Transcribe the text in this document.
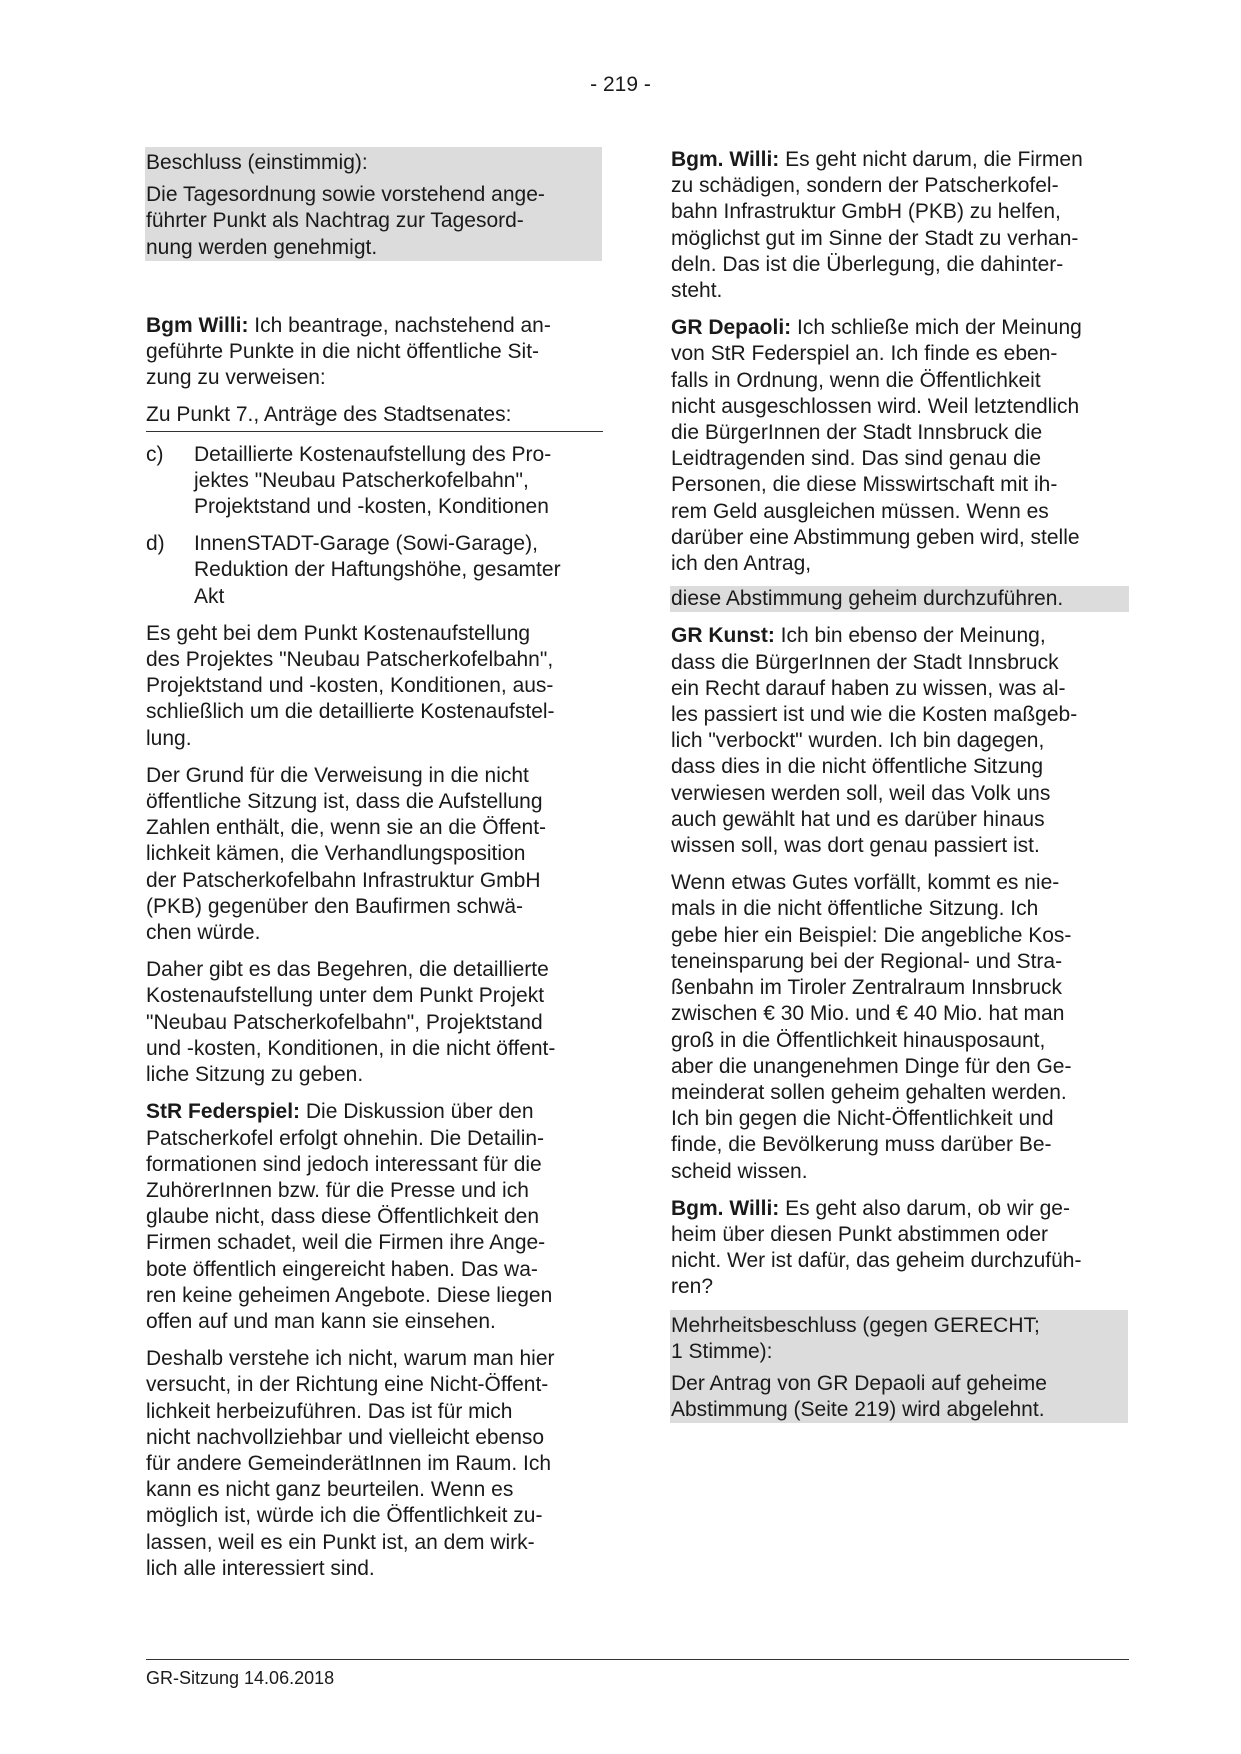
- 219 -

Beschluss (einstimmig):

Die Tagesordnung sowie vorstehend ange-
führter Punkt als Nachtrag zur Tagesord-
nung werden genehmigt.

Bgm Willi: Ich beantrage, nachstehend an-
geführte Punkte in die nicht öffentliche Sit-
zung zu verweisen:

Zu Punkt 7., Anträge des Stadtsenates:

c)	Detaillierte Kostenaufstellung des Pro-
jektes "Neubau Patscherkofelbahn",
Projektstand und -kosten, Konditionen
d)	InnenSTADT-Garage (Sowi-Garage),
Reduktion der Haftungshöhe, gesamter
Akt

Es geht bei dem Punkt Kostenaufstellung
des Projektes "Neubau Patscherkofelbahn",
Projektstand und -kosten, Konditionen, aus-
schließlich um die detaillierte Kostenaufstel-
lung.

Der Grund für die Verweisung in die nicht
öffentliche Sitzung ist, dass die Aufstellung
Zahlen enthält, die, wenn sie an die Öffent-
lichkeit kämen, die Verhandlungsposition
der Patscherkofelbahn Infrastruktur GmbH
(PKB) gegenüber den Baufirmen schwä-
chen würde.

Daher gibt es das Begehren, die detaillierte
Kostenaufstellung unter dem Punkt Projekt
"Neubau Patscherkofelbahn", Projektstand
und -kosten, Konditionen, in die nicht öffent-
liche Sitzung zu geben.

StR Federspiel: Die Diskussion über den
Patscherkofel erfolgt ohnehin. Die Detailin-
formationen sind jedoch interessant für die
ZuhörerInnen bzw. für die Presse und ich
glaube nicht, dass diese Öffentlichkeit den
Firmen schadet, weil die Firmen ihre Ange-
bote öffentlich eingereicht haben. Das wa-
ren keine geheimen Angebote. Diese liegen
offen auf und man kann sie einsehen.

Deshalb verstehe ich nicht, warum man hier
versucht, in der Richtung eine Nicht-Öffent-
lichkeit herbeizuführen. Das ist für mich
nicht nachvollziehbar und vielleicht ebenso
für andere GemeinderätInnen im Raum. Ich
kann es nicht ganz beurteilen. Wenn es
möglich ist, würde ich die Öffentlichkeit zu-
lassen, weil es ein Punkt ist, an dem wirk-
lich alle interessiert sind.

Bgm. Willi: Es geht nicht darum, die Firmen
zu schädigen, sondern der Patscherkofel-
bahn Infrastruktur GmbH (PKB) zu helfen,
möglichst gut im Sinne der Stadt zu verhan-
deln. Das ist die Überlegung, die dahinter-
steht.

GR Depaoli: Ich schließe mich der Meinung
von StR Federspiel an. Ich finde es eben-
falls in Ordnung, wenn die Öffentlichkeit
nicht ausgeschlossen wird. Weil letztendlich
die BürgerInnen der Stadt Innsbruck die
Leidtragenden sind. Das sind genau die
Personen, die diese Misswirtschaft mit ih-
rem Geld ausgleichen müssen. Wenn es
darüber eine Abstimmung geben wird, stelle
ich den Antrag,

diese Abstimmung geheim durchzuführen.

GR Kunst: Ich bin ebenso der Meinung,
dass die BürgerInnen der Stadt Innsbruck
ein Recht darauf haben zu wissen, was al-
les passiert ist und wie die Kosten maßgeb-
lich "verbockt" wurden. Ich bin dagegen,
dass dies in die nicht öffentliche Sitzung
verwiesen werden soll, weil das Volk uns
auch gewählt hat und es darüber hinaus
wissen soll, was dort genau passiert ist.

Wenn etwas Gutes vorfällt, kommt es nie-
mals in die nicht öffentliche Sitzung. Ich
gebe hier ein Beispiel: Die angebliche Kos-
teneinsparung bei der Regional- und Stra-
ßenbahn im Tiroler Zentralraum Innsbruck
zwischen € 30 Mio. und € 40 Mio. hat man
groß in die Öffentlichkeit hinausposaunt,
aber die unangenehmen Dinge für den Ge-
meinderat sollen geheim gehalten werden.
Ich bin gegen die Nicht-Öffentlichkeit und
finde, die Bevölkerung muss darüber Be-
scheid wissen.

Bgm. Willi: Es geht also darum, ob wir ge-
heim über diesen Punkt abstimmen oder
nicht. Wer ist dafür, das geheim durchzufüh-
ren?

Mehrheitsbeschluss (gegen GERECHT;
1 Stimme):

Der Antrag von GR Depaoli auf geheime
Abstimmung (Seite 219) wird abgelehnt.

GR-Sitzung 14.06.2018
